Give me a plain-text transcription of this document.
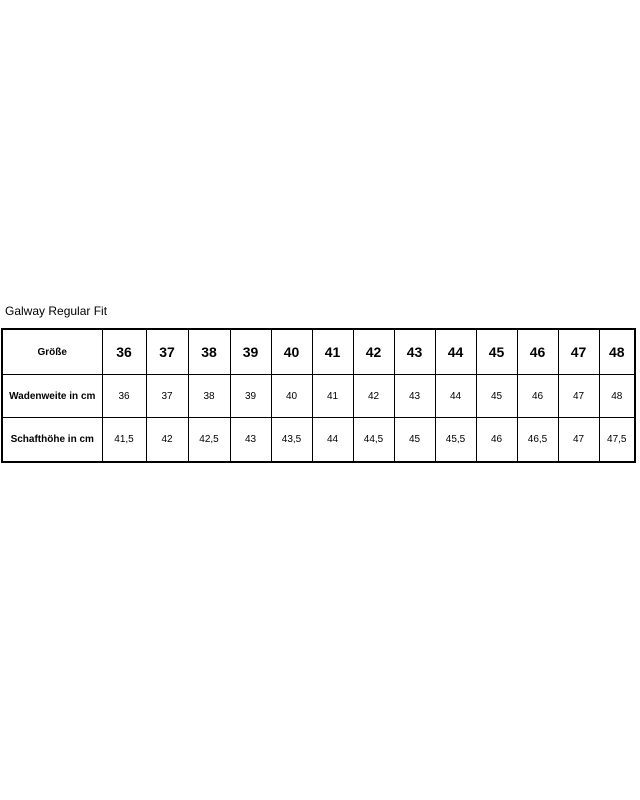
Galway Regular Fit
Größe	36	37	38	39	40	41	42	43	44	45	46	47	48
Wadenweite in cm	36	37	38	39	40	41	42	43	44	45	46	47	48
Schafthöhe in cm	41,5	42	42,5	43	43,5	44	44,5	45	45,5	46	46,5	47	47,5
